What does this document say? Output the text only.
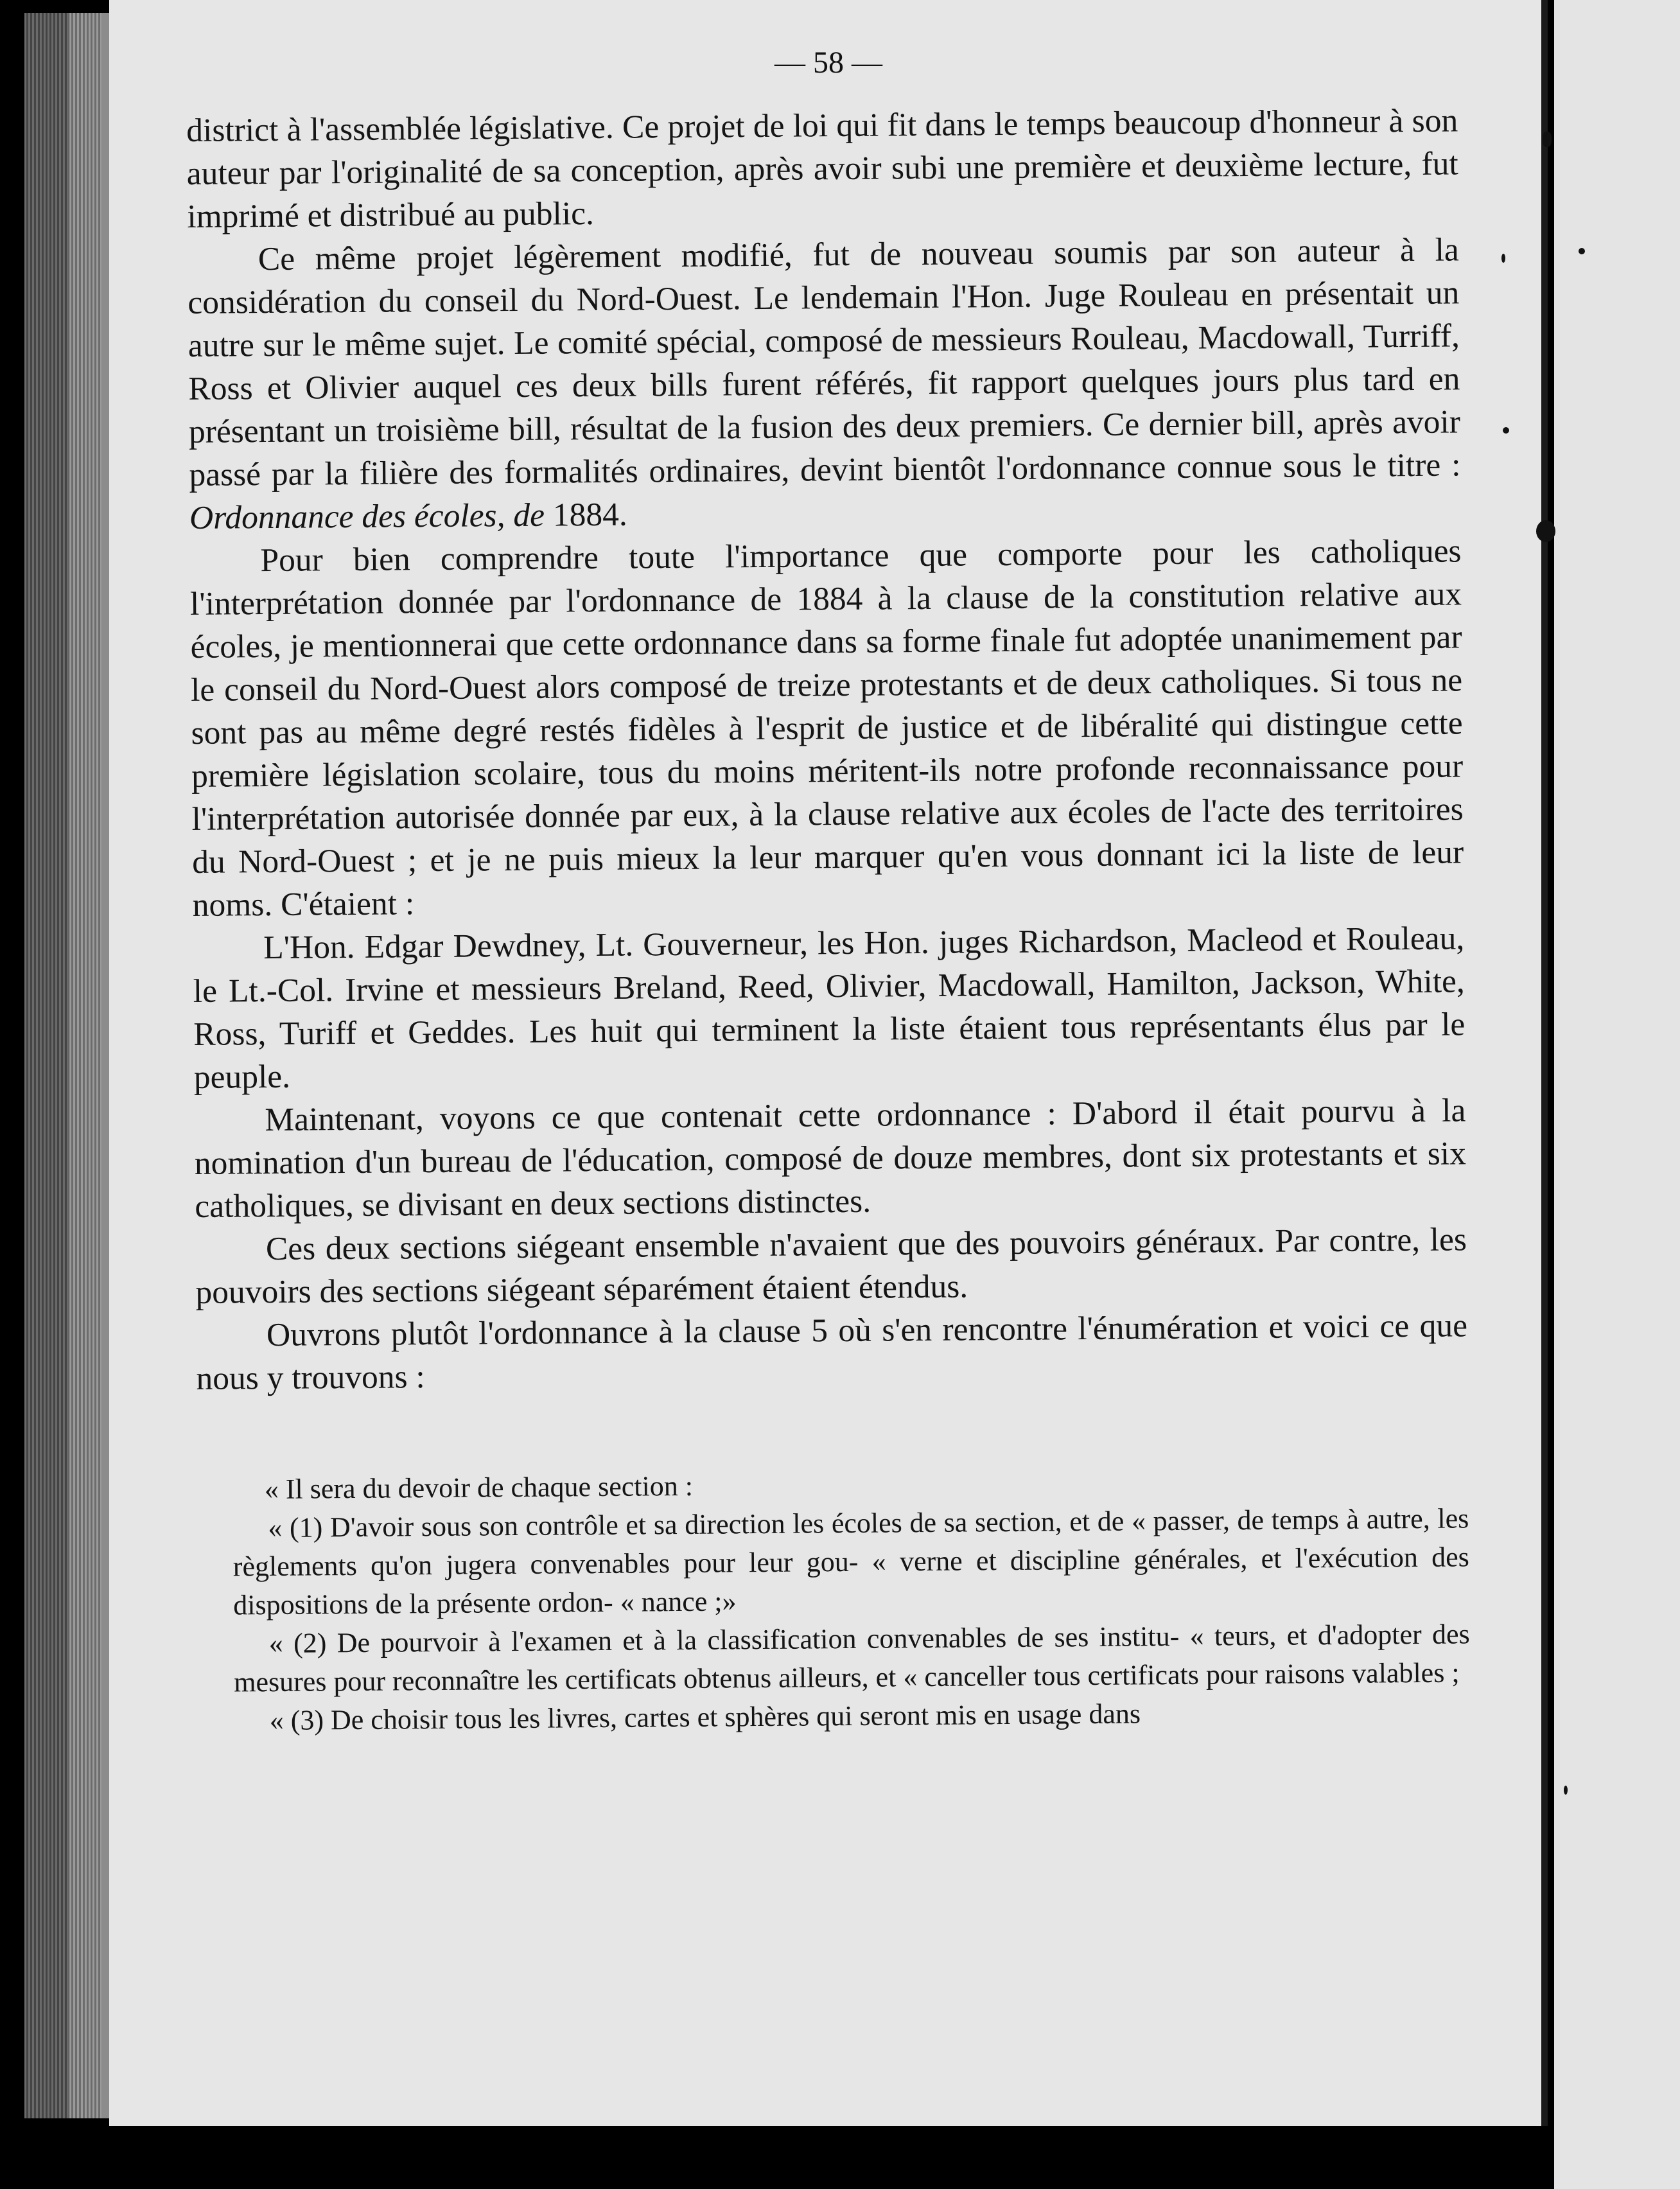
— 58 —

district à l'assemblée législative. Ce projet de loi qui fit dans le temps beaucoup d'honneur à son auteur par l'originalité de sa conception, après avoir subi une première et deuxième lecture, fut imprimé et distribué au public.

Ce même projet légèrement modifié, fut de nouveau soumis par son auteur à la considération du conseil du Nord-Ouest. Le lendemain l'Hon. Juge Rouleau en présentait un autre sur le même sujet. Le comité spécial, composé de messieurs Rouleau, Macdowall, Turriff, Ross et Olivier auquel ces deux bills furent référés, fit rapport quelques jours plus tard en présentant un troisième bill, résultat de la fusion des deux premiers. Ce dernier bill, après avoir passé par la filière des formalités ordinaires, devint bientôt l'ordonnance connue sous le titre : Ordonnance des écoles, de 1884.

Pour bien comprendre toute l'importance que comporte pour les catholiques l'interprétation donnée par l'ordonnance de 1884 à la clause de la constitution relative aux écoles, je mentionnerai que cette ordonnance dans sa forme finale fut adoptée unanimement par le conseil du Nord-Ouest alors composé de treize protestants et de deux catholiques. Si tous ne sont pas au même degré restés fidèles à l'esprit de justice et de libéralité qui distingue cette première législation scolaire, tous du moins méritent-ils notre profonde reconnaissance pour l'interprétation autorisée donnée par eux, à la clause relative aux écoles de l'acte des territoires du Nord-Ouest ; et je ne puis mieux la leur marquer qu'en vous donnant ici la liste de leur noms. C'étaient :

L'Hon. Edgar Dewdney, Lt. Gouverneur, les Hon. juges Richardson, Macleod et Rouleau, le Lt.-Col. Irvine et messieurs Breland, Reed, Olivier, Macdowall, Hamilton, Jackson, White, Ross, Turiff et Geddes. Les huit qui terminent la liste étaient tous représentants élus par le peuple.

Maintenant, voyons ce que contenait cette ordonnance : D'abord il était pourvu à la nomination d'un bureau de l'éducation, composé de douze membres, dont six protestants et six catholiques, se divisant en deux sections distinctes.

Ces deux sections siégeant ensemble n'avaient que des pouvoirs généraux. Par contre, les pouvoirs des sections siégeant séparément étaient étendus.

Ouvrons plutôt l'ordonnance à la clause 5 où s'en rencontre l'énumération et voici ce que nous y trouvons :

« Il sera du devoir de chaque section :

« (1) D'avoir sous son contrôle et sa direction les écoles de sa section, et de « passer, de temps à autre, les règlements qu'on jugera convenables pour leur gou- « verne et discipline générales, et l'exécution des dispositions de la présente ordon- « nance ;»

« (2) De pourvoir à l'examen et à la classification convenables de ses institu- « teurs, et d'adopter des mesures pour reconnaître les certificats obtenus ailleurs, et « canceller tous certificats pour raisons valables ;

« (3) De choisir tous les livres, cartes et sphères qui seront mis en usage dans
